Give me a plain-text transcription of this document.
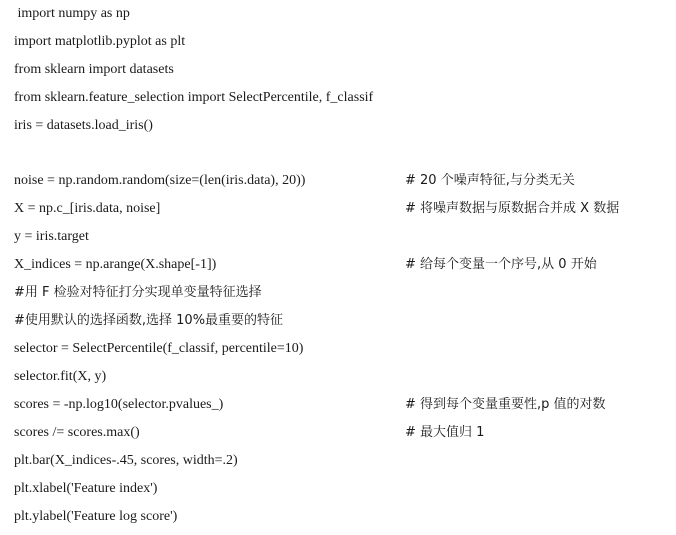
import numpy as np
import matplotlib.pyplot as plt
from sklearn import datasets
from sklearn.feature_selection import SelectPercentile, f_classif
iris = datasets.load_iris()
noise = np.random.random(size=(len(iris.data), 20))	# 20 个噪声特征,与分类无关
X = np.c_[iris.data, noise]	# 将噪声数据与原数据合并成 X 数据
y = iris.target
X_indices = np.arange(X.shape[-1])	# 给每个变量一个序号,从 0 开始
#用 F 检验对特征打分实现单变量特征选择
#使用默认的选择函数,选择 10%最重要的特征
selector = SelectPercentile(f_classif, percentile=10)
selector.fit(X, y)
scores = -np.log10(selector.pvalues_)	# 得到每个变量重要性,p 值的对数
scores /= scores.max()	# 最大值归 1
plt.bar(X_indices-.45, scores, width=.2)
plt.xlabel('Feature index')
plt.ylabel('Feature log score')
